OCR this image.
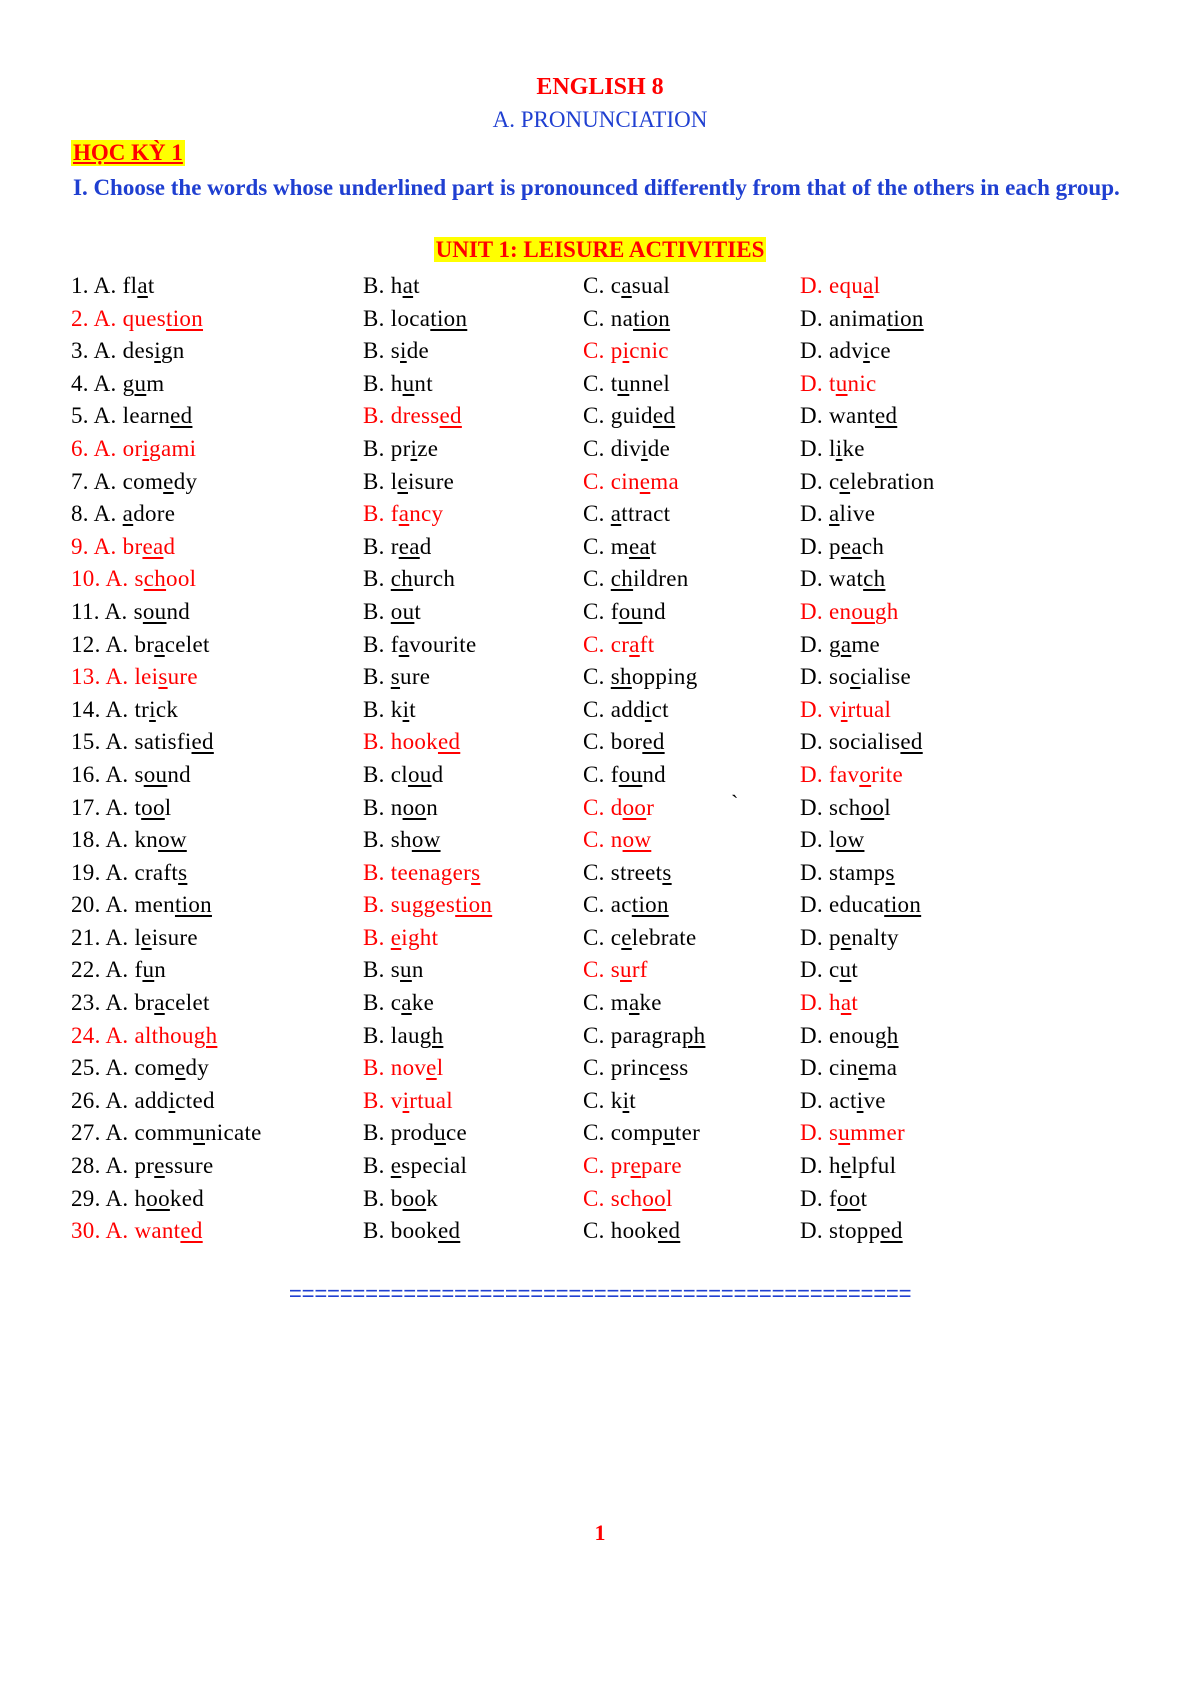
ENGLISH 8
A. PRONUNCIATION
HỌC KỲ 1
I. Choose the words whose underlined part is pronounced differently from that of the others in each group.
UNIT 1: LEISURE ACTIVITIES
1. A. flat	B. hat	C. casual	D. equal
2. A. question	B. location	C. nation	D. animation
3. A. design	B. side	C. picnic	D. advice
4. A. gum	B. hunt	C. tunnel	D. tunic
5. A. learned	B. dressed	C. guided	D. wanted
6. A. origami	B. prize	C. divide	D. like
7. A. comedy	B. leisure	C. cinema	D. celebration
8. A. adore	B. fancy	C. attract	D. alive
9. A. bread	B. read	C. meat	D. peach
10. A. school	B. church	C. children	D. watch
11. A. sound	B. out	C. found	D. enough
12. A. bracelet	B. favourite	C. craft	D. game
13. A. leisure	B. sure	C. shopping	D. socialise
14. A. trick	B. kit	C. addict	D. virtual
15. A. satisfied	B. hooked	C. bored	D. socialised
16. A. sound	B. cloud	C. found	D. favorite
17. A. tool	B. noon	C. door	D. school
18. A. know	B. show	C. now	D. low
19. A. crafts	B. teenagers	C. streets	D. stamps
20. A. mention	B. suggestion	C. action	D. education
21. A. leisure	B. eight	C. celebrate	D. penalty
22. A. fun	B. sun	C. surf	D. cut
23. A. bracelet	B. cake	C. make	D. hat
24. A. although	B. laugh	C. paragraph	D. enough
25. A. comedy	B. novel	C. princess	D. cinema
26. A. addicted	B. virtual	C. kit	D. active
27. A. communicate	B. produce	C. computer	D. summer
28. A. pressure	B. especial	C. prepare	D. helpful
29. A. hooked	B. book	C. school	D. foot
30. A. wanted	B. booked	C. hooked	D. stopped
`
=================================================
1
